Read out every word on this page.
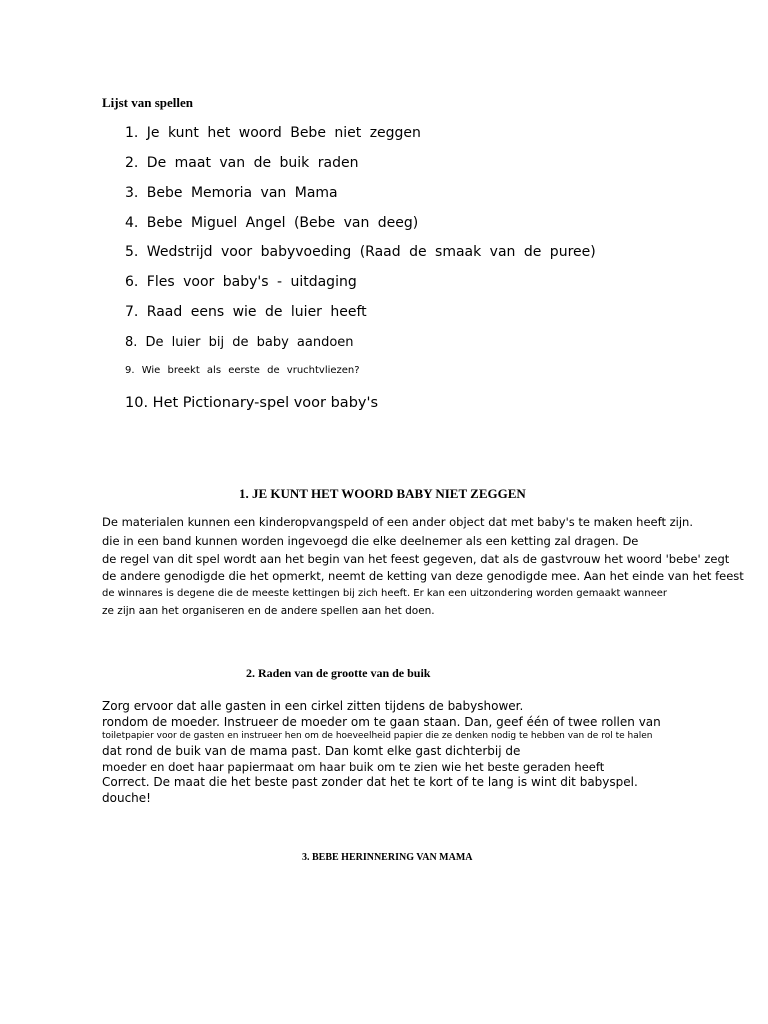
Lijst van spellen
1. Je kunt het woord Bebe niet zeggen
2. De maat van de buik raden
3. Bebe Memoria van Mama
4. Bebe Miguel Angel (Bebe van deeg)
5. Wedstrijd voor babyvoeding (Raad de smaak van de puree)
6. Fles voor baby's - uitdaging
7. Raad eens wie de luier heeft
8. De luier bij de baby aandoen
9. Wie breekt als eerste de vruchtvliezen?
10. Het Pictionary-spel voor baby's
1. JE KUNT HET WOORD BABY NIET ZEGGEN
De materialen kunnen een kinderopvangspeld of een ander object dat met baby's te maken heeft zijn.
die in een band kunnen worden ingevoegd die elke deelnemer als een ketting zal dragen. De
de regel van dit spel wordt aan het begin van het feest gegeven, dat als de gastvrouw het woord 'bebe' zegt
de andere genodigde die het opmerkt, neemt de ketting van deze genodigde mee. Aan het einde van het feest
de winnares is degene die de meeste kettingen bij zich heeft. Er kan een uitzondering worden gemaakt wanneer
ze zijn aan het organiseren en de andere spellen aan het doen.
2. Raden van de grootte van de buik
Zorg ervoor dat alle gasten in een cirkel zitten tijdens de babyshower.
rondom de moeder. Instrueer de moeder om te gaan staan. Dan, geef één of twee rollen van
toiletpapier voor de gasten en instrueer hen om de hoeveelheid papier die ze denken nodig te hebben van de rol te halen
dat rond de buik van de mama past. Dan komt elke gast dichterbij de
moeder en doet haar papiermaat om haar buik om te zien wie het beste geraden heeft
Correct. De maat die het beste past zonder dat het te kort of te lang is wint dit babyspel.
douche!
3. BEBE HERINNERING VAN MAMA
